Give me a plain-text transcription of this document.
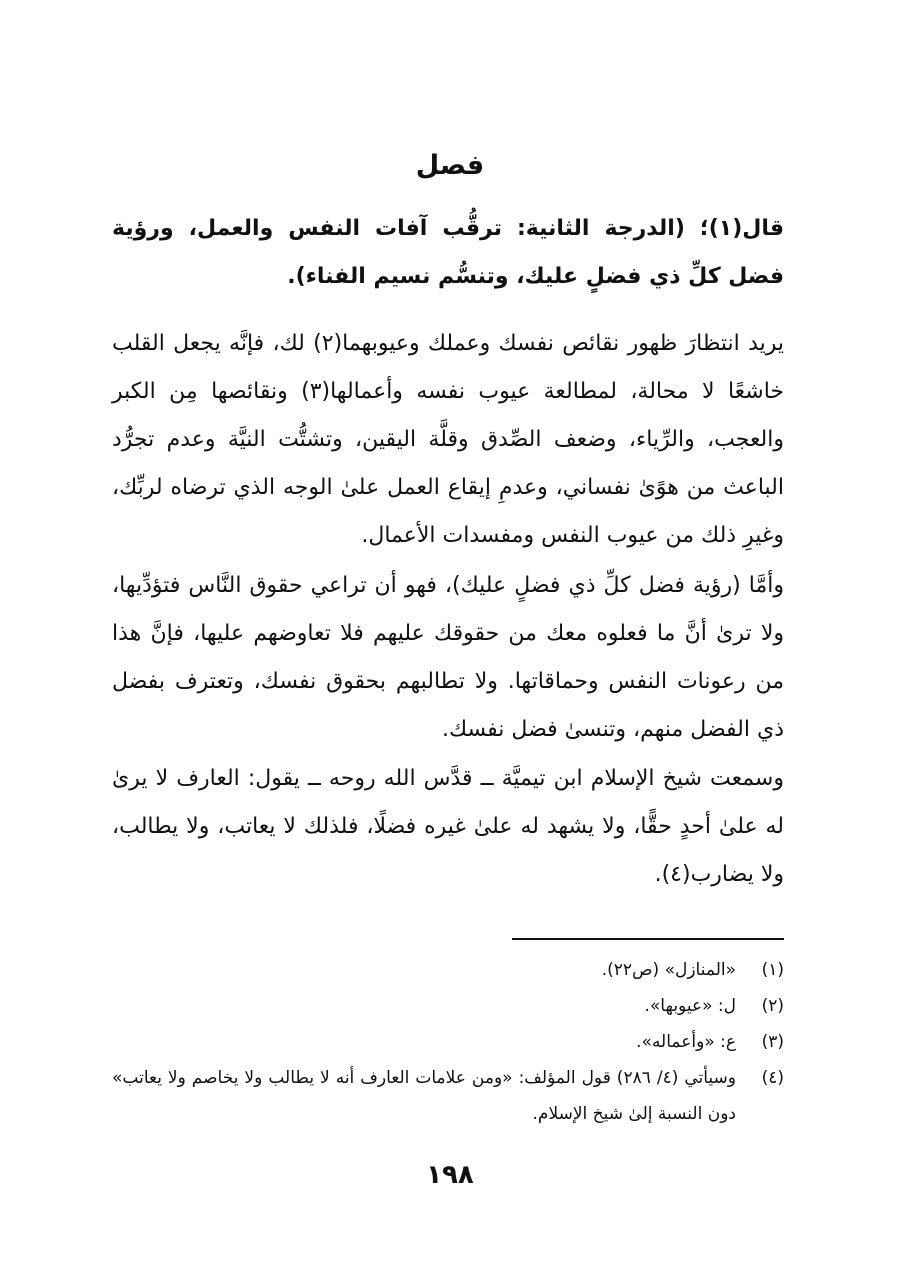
فصل

قال(١)؛ (الدرجة الثانية: ترقُّب آفات النفس والعمل، ورؤية فضل كلِّ ذي فضلٍ عليك، وتنسُّم نسيم الفناء).

يريد انتظارَ ظهور نقائص نفسك وعملك وعيوبهما(٢) لك، فإنَّه يجعل القلب خاشعًا لا محالة، لمطالعة عيوب نفسه وأعمالها(٣) ونقائصها مِن الكبر والعجب، والرِّياء، وضعف الصِّدق وقلَّة اليقين، وتشتُّت النيَّة وعدم تجرُّد الباعث من هوًىٰ نفساني، وعدمِ إيقاع العمل علىٰ الوجه الذي ترضاه لربِّك، وغيرِ ذلك من عيوب النفس ومفسدات الأعمال.

وأمَّا (رؤية فضل كلِّ ذي فضلٍ عليك)، فهو أن تراعي حقوق النَّاس فتؤدِّيها، ولا ترىٰ أنَّ ما فعلوه معك من حقوقك عليهم فلا تعاوضهم عليها، فإنَّ هذا من رعونات النفس وحماقاتها. ولا تطالبهم بحقوق نفسك، وتعترف بفضل ذي الفضل منهم، وتنسىٰ فضل نفسك.

وسمعت شيخ الإسلام ابن تيميَّة ــ قدَّس الله روحه ــ يقول: العارف لا يرىٰ له علىٰ أحدٍ حقًّا، ولا يشهد له علىٰ غيره فضلًا، فلذلك لا يعاتب، ولا يطالب، ولا يضارب(٤).

(١)
«المنازل» (ص٢٢).
(٢)
ل: «عيوبها».
(٣)
ع: «وأعماله».
(٤)
وسيأتي (٤/ ٢٨٦) قول المؤلف: «ومن علامات العارف أنه لا يطالب ولا يخاصم ولا يعاتب» دون النسبة إلىٰ شيخ الإسلام.
١٩٨
